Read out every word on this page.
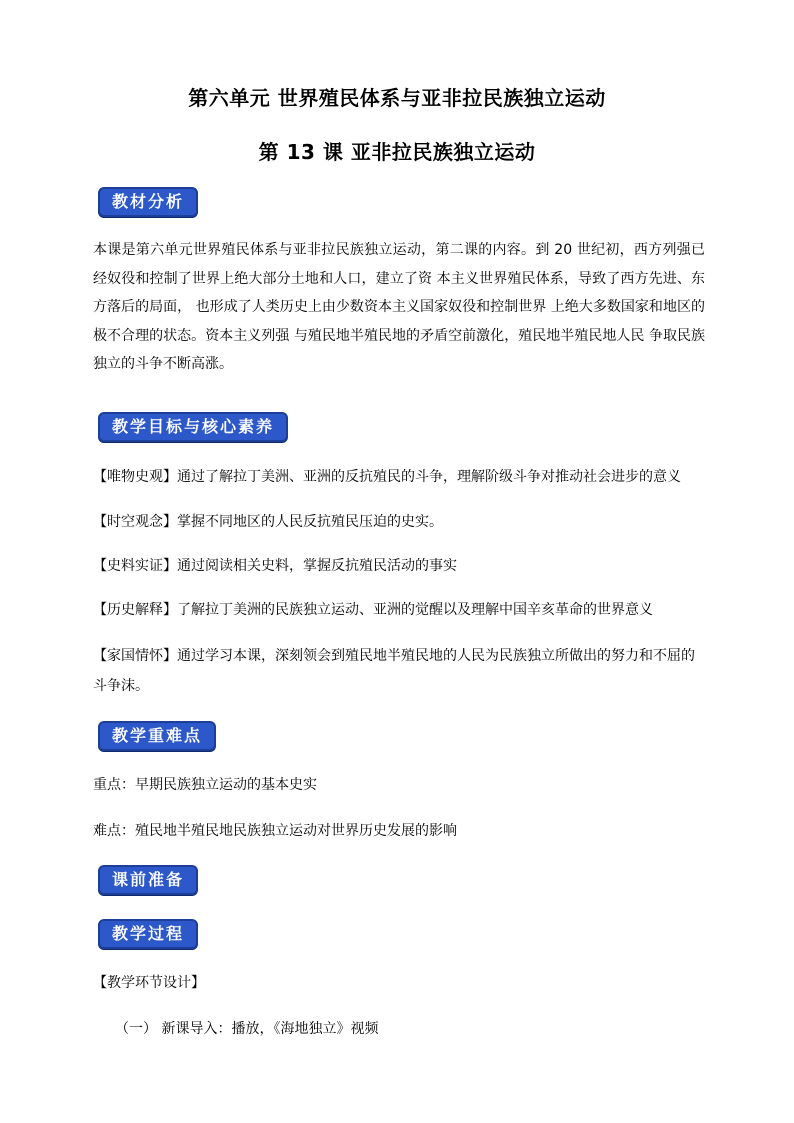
第六单元 世界殖民体系与亚非拉民族独立运动
第 13 课 亚非拉民族独立运动
教材分析
本课是第六单元世界殖民体系与亚非拉民族独立运动，第二课的内容。到 20 世纪初，西方列强已经奴役和控制了世界上绝大部分土地和人口，建立了资 本主义世界殖民体系，导致了西方先进、东方落后的局面， 也形成了人类历史上由少数资本主义国家奴役和控制世界 上绝大多数国家和地区的极不合理的状态。资本主义列强 与殖民地半殖民地的矛盾空前激化，殖民地半殖民地人民 争取民族独立的斗争不断高涨。
教学目标与核心素养
【唯物史观】通过了解拉丁美洲、亚洲的反抗殖民的斗争，理解阶级斗争对推动社会进步的意义
【时空观念】掌握不同地区的人民反抗殖民压迫的史实。
【史料实证】通过阅读相关史料，掌握反抗殖民活动的事实
【历史解释】了解拉丁美洲的民族独立运动、亚洲的觉醒以及理解中国辛亥革命的世界意义
【家国情怀】通过学习本课，深刻领会到殖民地半殖民地的人民为民族独立所做出的努力和不屈的斗争沫。
教学重难点
重点：早期民族独立运动的基本史实
难点：殖民地半殖民地民族独立运动对世界历史发展的影响
课前准备
教学过程
【教学环节设计】
（一） 新课导入：播放，《海地独立》视频
